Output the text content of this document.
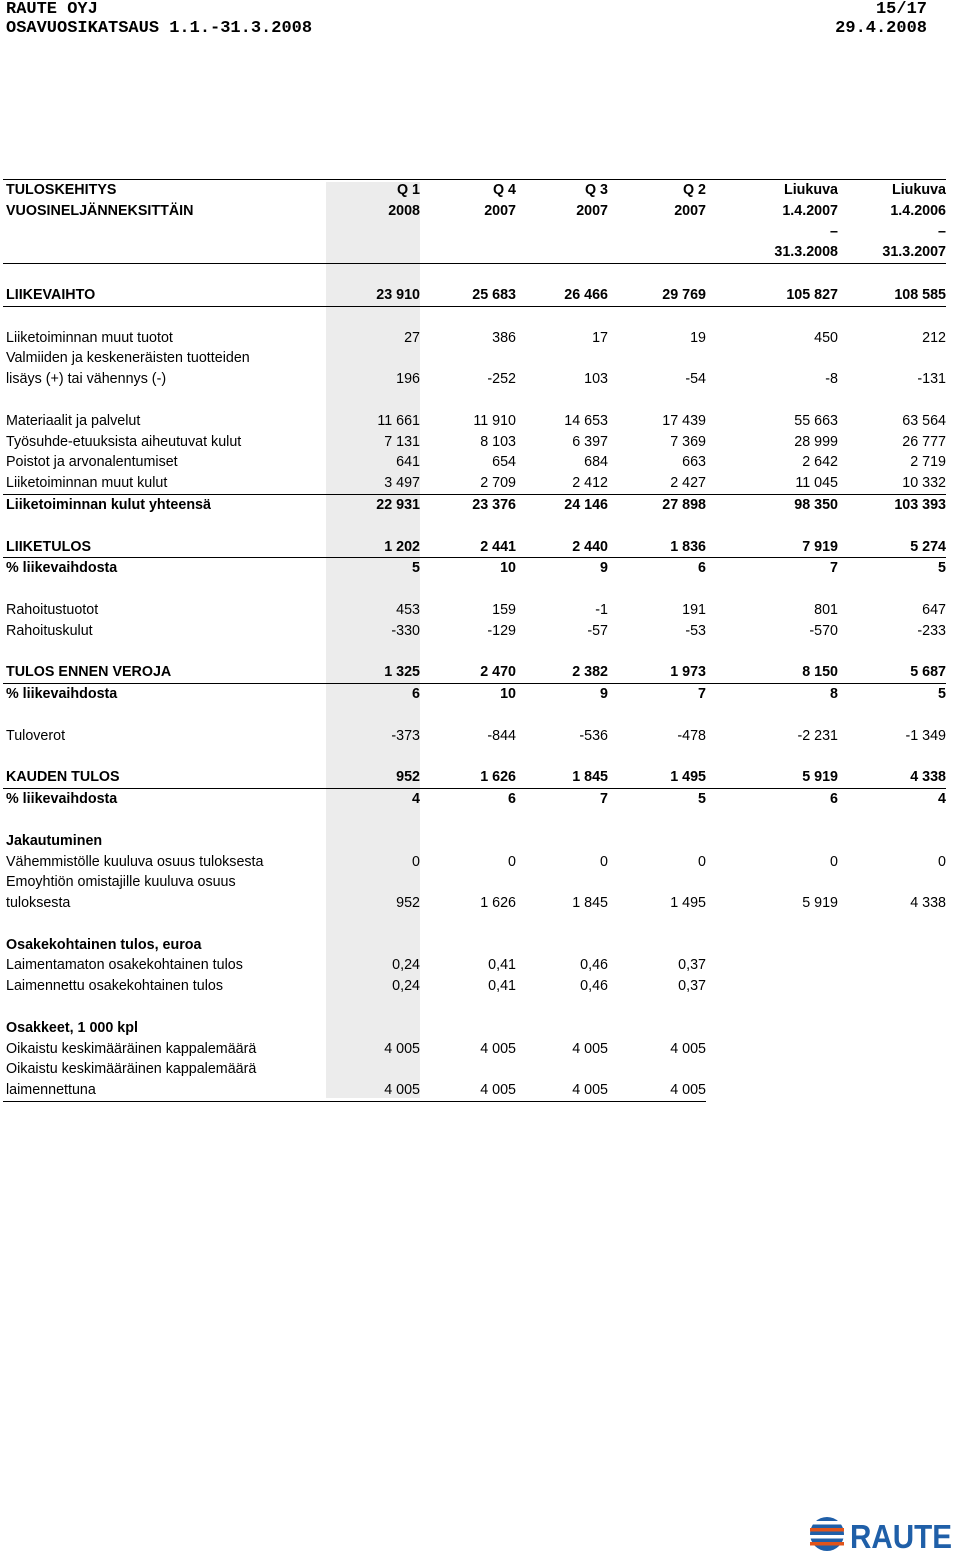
RAUTE OYJ	15/17
OSAVUOSIKATSAUS 1.1.-31.3.2008	29.4.2008
TULOSKEHITYS	Q 1	Q 4	Q 3	Q 2	Liukuva	Liukuva
VUOSINELJÄNNEKSITTÄIN	2008	2007	2007	2007	1.4.2007	1.4.2006
					–	–
					31.3.2008	31.3.2007

LIIKEVAIHTO	23 910	25 683	26 466	29 769	105 827	108 585

Liiketoiminnan muut tuotot	27	386	17	19	450	212
Valmiiden ja keskeneräisten tuotteiden						
lisäys (+) tai vähennys (-)	196	-252	103	-54	-8	-131

Materiaalit ja palvelut	11 661	11 910	14 653	17 439	55 663	63 564
Työsuhde-etuuksista aiheutuvat kulut	7 131	8 103	6 397	7 369	28 999	26 777
Poistot ja arvonalentumiset	641	654	684	663	2 642	2 719
Liiketoiminnan muut kulut	3 497	2 709	2 412	2 427	11 045	10 332
Liiketoiminnan kulut yhteensä	22 931	23 376	24 146	27 898	98 350	103 393

LIIKETULOS	1 202	2 441	2 440	1 836	7 919	5 274
% liikevaihdosta	5	10	9	6	7	5

Rahoitustuotot	453	159	-1	191	801	647
Rahoituskulut	-330	-129	-57	-53	-570	-233

TULOS ENNEN VEROJA	1 325	2 470	2 382	1 973	8 150	5 687
% liikevaihdosta	6	10	9	7	8	5

Tuloverot	-373	-844	-536	-478	-2 231	-1 349

KAUDEN TULOS	952	1 626	1 845	1 495	5 919	4 338
% liikevaihdosta	4	6	7	5	6	4

Jakautuminen						
Vähemmistölle kuuluva osuus tuloksesta	0	0	0	0	0	0
Emoyhtiön omistajille kuuluva osuus						
tuloksesta	952	1 626	1 845	1 495	5 919	4 338

Osakekohtainen tulos, euroa						
Laimentamaton osakekohtainen tulos	0,24	0,41	0,46	0,37		
Laimennettu osakekohtainen tulos	0,24	0,41	0,46	0,37		

Osakkeet, 1 000 kpl						
Oikaistu keskimääräinen kappalemäärä	4 005	4 005	4 005	4 005		
Oikaistu keskimääräinen kappalemäärä						
laimennettuna	4 005	4 005	4 005	4 005		
RAUTE
